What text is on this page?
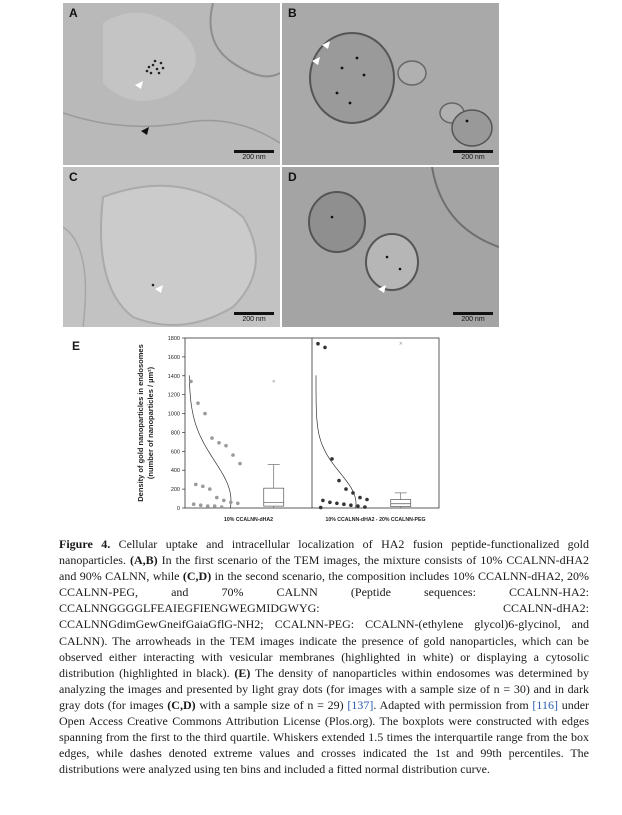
A
200 nm
B
200 nm
C
200 nm
D
200 nm
E
0
200
400
600
800
1000
1200
1400
1600
1800
Density of gold nanoparticles in endosomes (number of nanoparticles / µm²)	×
10% CCALNN-dHA2
×
10% CCALNN-dHA2 - 20% CCALNN-PEG
Figure 4. Cellular uptake and intracellular localization of HA2 fusion peptide-functionalized gold nanoparticles. (A,B) In the first scenario of the TEM images, the mixture consists of 10% CCALNN-dHA2 and 90% CALNN, while (C,D) in the second scenario, the composition includes 10% CCALNN-dHA2, 20% CCALNN-PEG, and 70% CALNN (Peptide sequences: CCALNN-HA2: CCALNNGGGGLFEAIEGFIENGWEGMIDGWYG: CCALNN-dHA2: CCALNNGdimGewGneifGaiaGflG-NH2; CCALNN-PEG: CCALNN-(ethylene glycol)6-glycinol, and CALNN). The arrowheads in the TEM images indicate the presence of gold nanoparticles, which can be observed either interacting with vesicular membranes (highlighted in white) or displaying a cytosolic distribution (highlighted in black). (E) The density of nanoparticles within endosomes was determined by analyzing the images and presented by light gray dots (for images with a sample size of n = 30) and in dark gray dots (for images (C,D) with a sample size of n = 29) [137]. Adapted with permission from [116] under Open Access Creative Commons Attribution License (Plos.org). The boxplots were constructed with edges spanning from the first to the third quartile. Whiskers extended 1.5 times the interquartile range from the box edges, while dashes denoted extreme values and crosses indicated the 1st and 99th percentiles. The distributions were analyzed using ten bins and included a fitted normal distribution curve.
